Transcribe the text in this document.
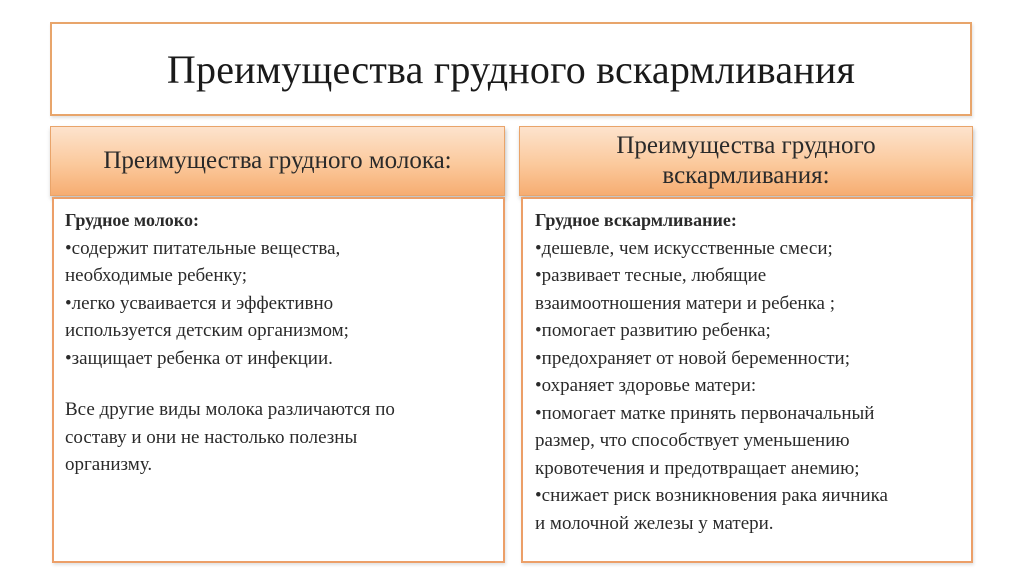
Преимущества грудного вскармливания
Преимущества грудного молока:
Преимущества грудного вскармливания:
Грудное молоко:
•содержит питательные вещества,
необходимые ребенку;
•легко усваивается и эффективно
используется детским организмом;
•защищает ребенка от инфекции.
Все другие виды молока различаются по
составу и они не настолько полезны
организму.
Грудное вскармливание:
•дешевле, чем искусственные смеси;
•развивает тесные, любящие
взаимоотношения матери и ребенка ;
•помогает развитию ребенка;
•предохраняет от новой беременности;
•охраняет здоровье матери:
•помогает матке принять первоначальный
размер, что способствует уменьшению
кровотечения и предотвращает анемию;
•снижает риск возникновения рака яичника
и молочной железы у матери.
